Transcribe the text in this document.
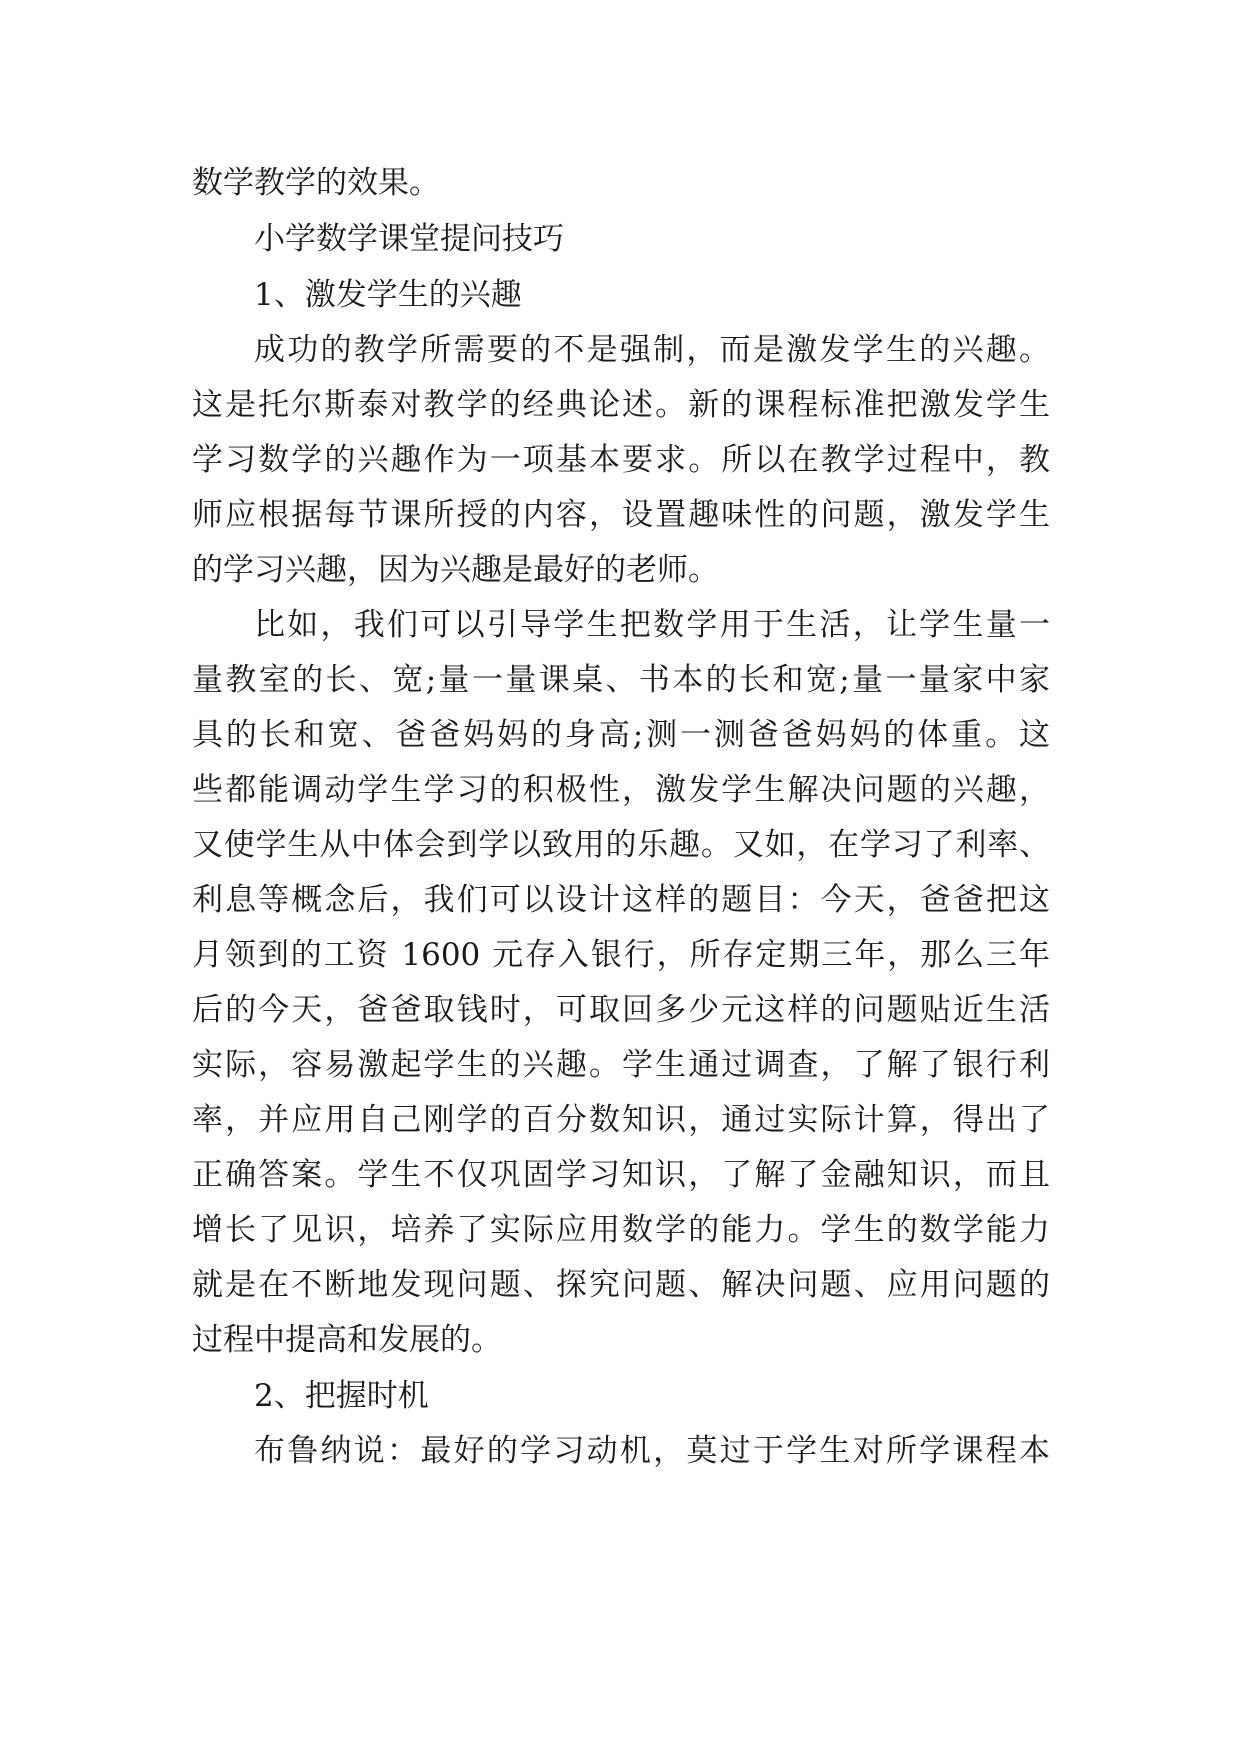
数学教学的效果。
小学数学课堂提问技巧
1、激发学生的兴趣
成功的教学所需要的不是强制，而是激发学生的兴趣。
这是托尔斯泰对教学的经典论述。新的课程标准把激发学生
学习数学的兴趣作为一项基本要求。所以在教学过程中，教
师应根据每节课所授的内容，设置趣味性的问题，激发学生
的学习兴趣，因为兴趣是最好的老师。
比如，我们可以引导学生把数学用于生活，让学生量一
量教室的长、宽;量一量课桌、书本的长和宽;量一量家中家
具的长和宽、爸爸妈妈的身高;测一测爸爸妈妈的体重。这
些都能调动学生学习的积极性，激发学生解决问题的兴趣，
又使学生从中体会到学以致用的乐趣。又如，在学习了利率、
利息等概念后，我们可以设计这样的题目：今天，爸爸把这
月领到的工资 1600 元存入银行，所存定期三年，那么三年
后的今天，爸爸取钱时，可取回多少元这样的问题贴近生活
实际，容易激起学生的兴趣。学生通过调查，了解了银行利
率，并应用自己刚学的百分数知识，通过实际计算，得出了
正确答案。学生不仅巩固学习知识，了解了金融知识，而且
增长了见识，培养了实际应用数学的能力。学生的数学能力
就是在不断地发现问题、探究问题、解决问题、应用问题的
过程中提高和发展的。
2、把握时机
布鲁纳说：最好的学习动机，莫过于学生对所学课程本
